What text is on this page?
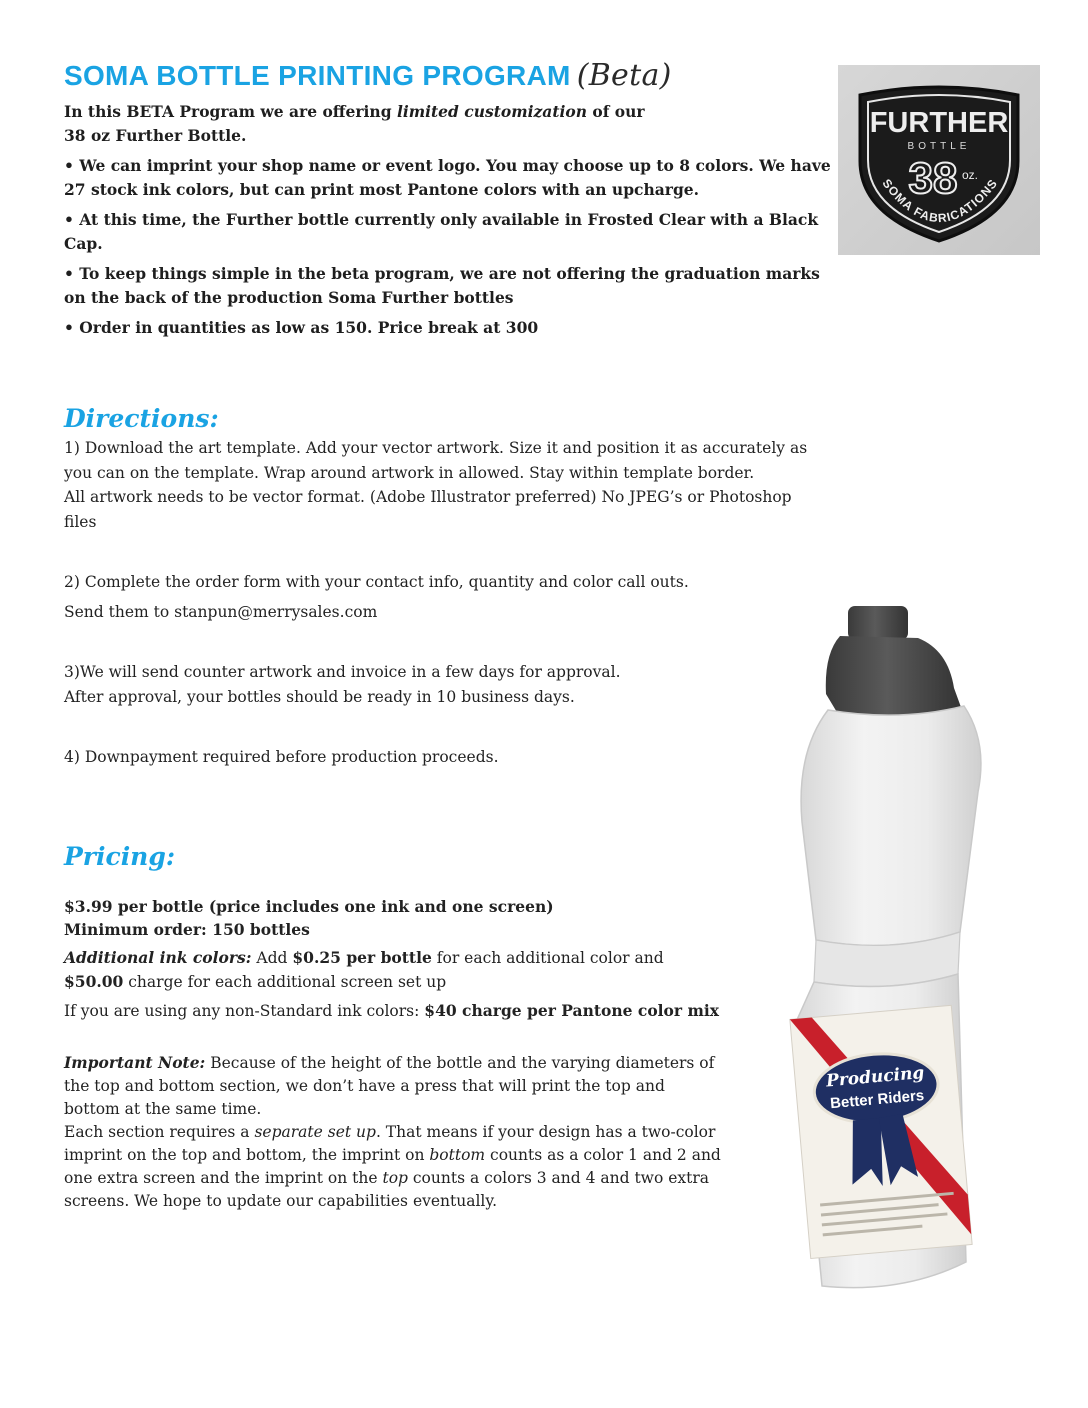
SOMA BOTTLE PRINTING PROGRAM (Beta)

In this BETA Program we are offering limited customization of our
38 oz Further Bottle.

• We can imprint your shop name or event logo. You may choose up to 8 colors. We have 27 stock ink colors, but can print most Pantone colors with an upcharge.

• At this time, the Further bottle currently only available in Frosted Clear with a Black Cap.

• To keep things simple in the beta program, we are not offering the graduation marks on the back of the production Soma Further bottles

• Order in quantities as low as 150. Price break at 300

Directions:

1) Download the art template. Add your vector artwork. Size it and position it as accurately as you can on the template. Wrap around artwork in allowed. Stay within template border.

All artwork needs to be vector format. (Adobe Illustrator preferred) No JPEG’s or Photoshop files

2) Complete the order form with your contact info, quantity and color call outs.

Send them to stanpun@merrysales.com

3)We will send counter artwork and invoice in a few days for approval.

After approval, your bottles should be ready in 10 business days.

4) Downpayment required before production proceeds.

Pricing:

$3.99 per bottle (price includes one ink and one screen)

Minimum order: 150 bottles

Additional ink colors: Add $0.25 per bottle for each additional color and $50.00 charge for each additional screen set up

If you are using any non-Standard ink colors: $40 charge per Pantone color mix

Important Note: Because of the height of the bottle and the varying diameters of the top and bottom section, we don’t have a press that will print the top and bottom at the same time.

Each section requires a separate set up. That means if your design has a two-color imprint on the top and bottom, the imprint on bottom counts as a color 1 and 2 and one extra screen and the imprint on the top counts a colors 3 and 4 and two extra screens. We hope to update our capabilities eventually.

FURTHER
BOTTLE
38 oz.
SOMA FABRICATIONS
Producing
Better Riders
